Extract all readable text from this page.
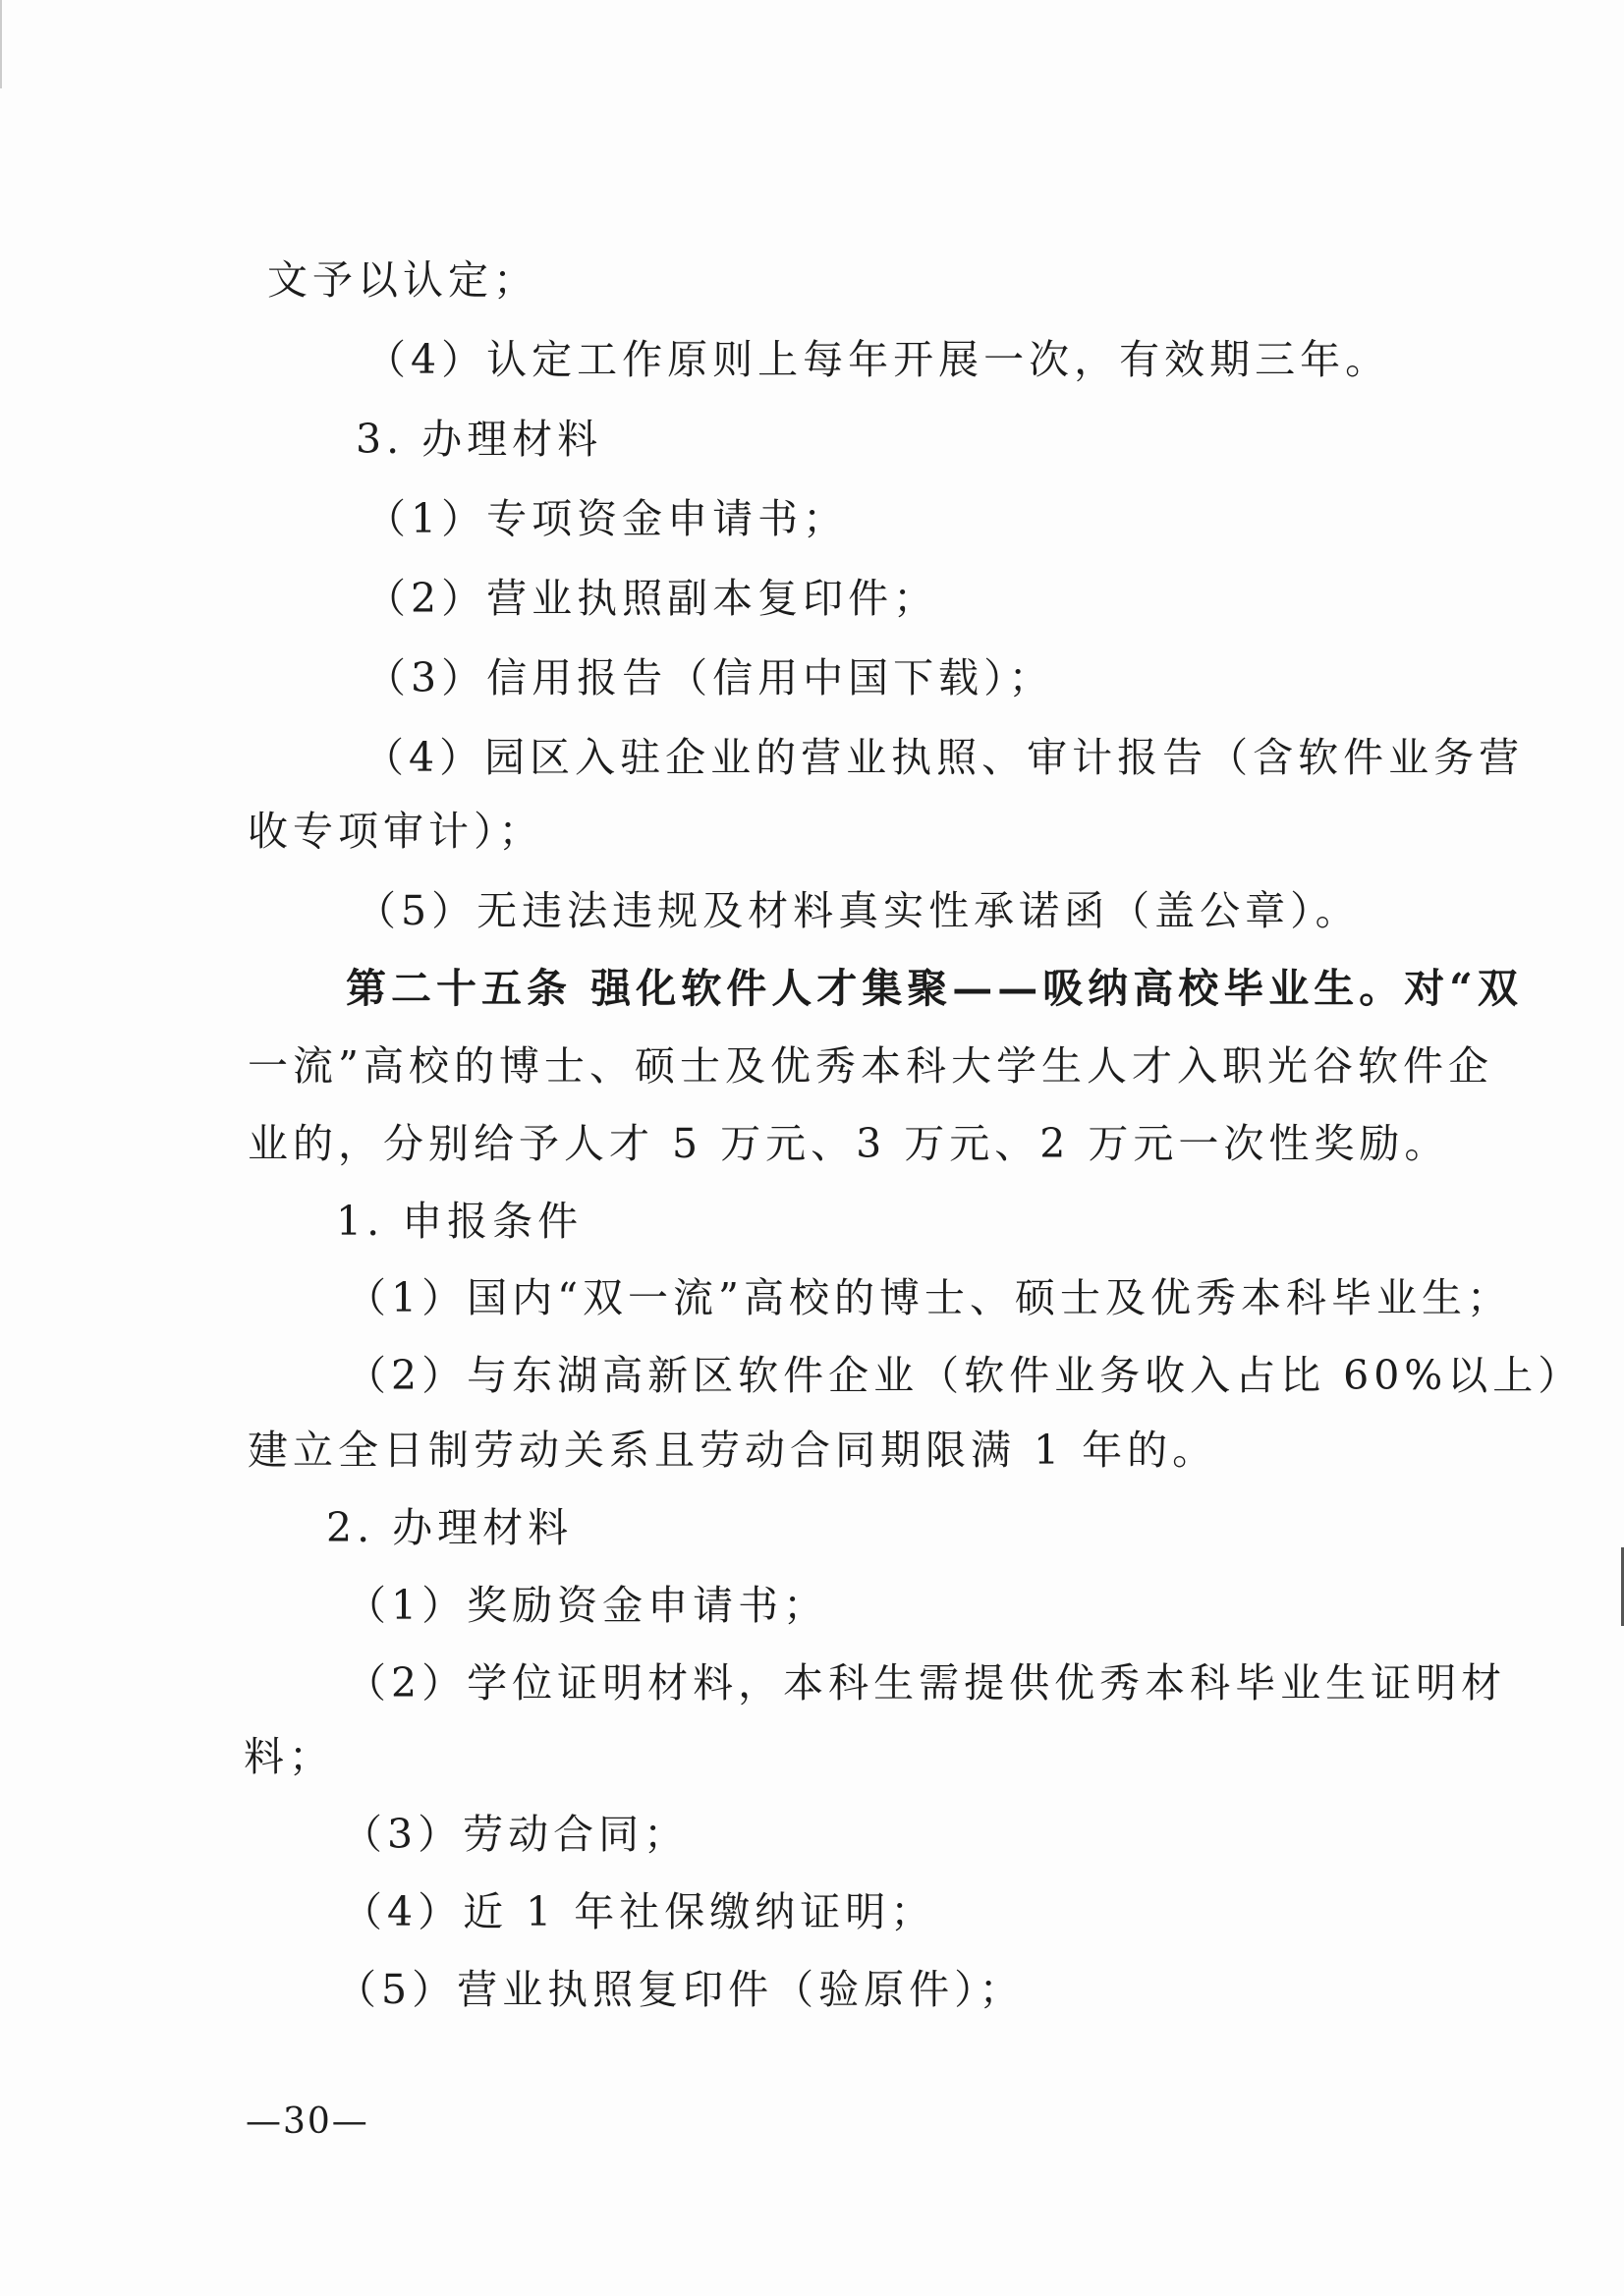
文予以认定；
（4）认定工作原则上每年开展一次，有效期三年。
3. 办理材料
（1）专项资金申请书；
（2）营业执照副本复印件；
（3）信用报告（信用中国下载）；
（4）园区入驻企业的营业执照、审计报告（含软件业务营
收专项审计）；
（5）无违法违规及材料真实性承诺函（盖公章）。
第二十五条 强化软件人才集聚——吸纳高校毕业生。对“双
一流”高校的博士、硕士及优秀本科大学生人才入职光谷软件企
业的，分别给予人才 5 万元、3 万元、2 万元一次性奖励。
1. 申报条件
（1）国内“双一流”高校的博士、硕士及优秀本科毕业生；
（2）与东湖高新区软件企业（软件业务收入占比 60%以上）
建立全日制劳动关系且劳动合同期限满 1 年的。
2. 办理材料
（1）奖励资金申请书；
（2）学位证明材料，本科生需提供优秀本科毕业生证明材
料；
（3）劳动合同；
（4）近 1 年社保缴纳证明；
（5）营业执照复印件（验原件）；
—30—
